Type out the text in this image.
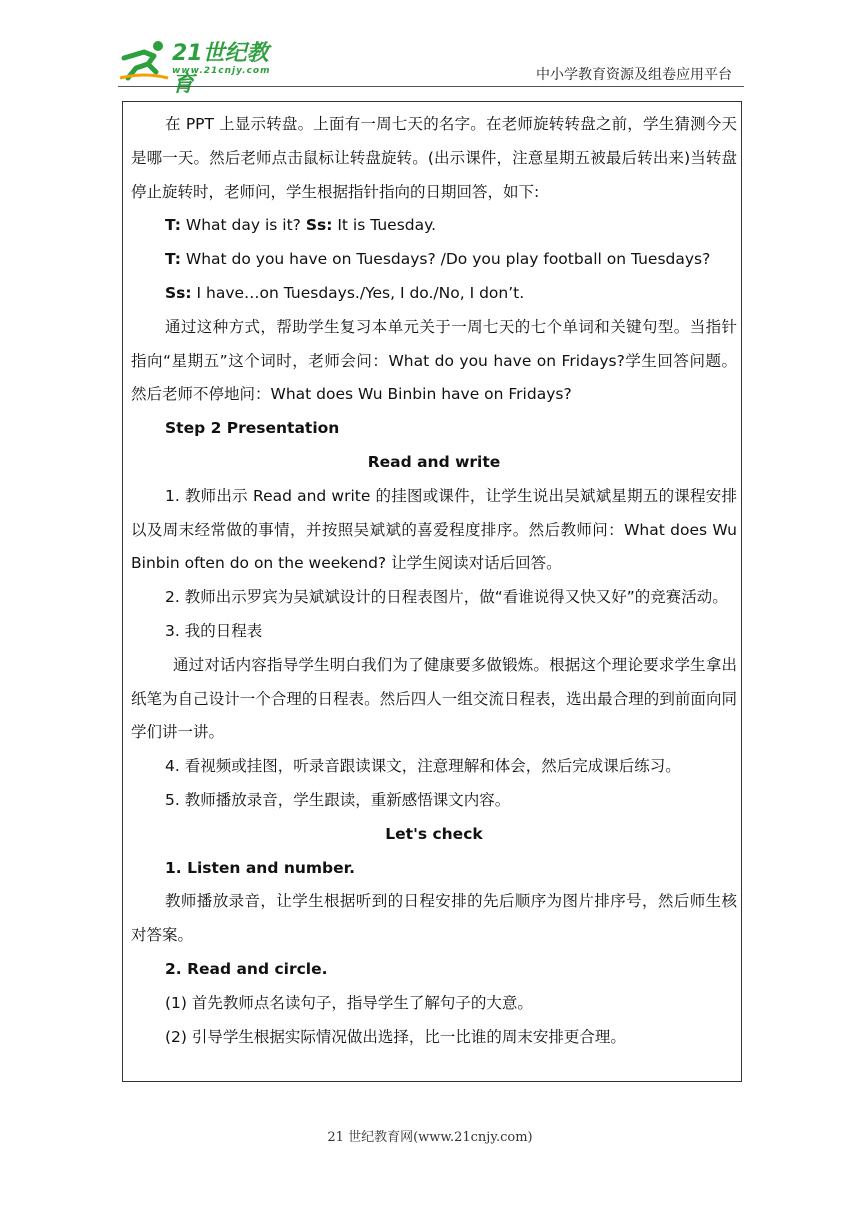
21世纪教育
www.21cnjy.com	中小学教育资源及组卷应用平台

在 PPT 上显示转盘。上面有一周七天的名字。在老师旋转转盘之前，学生猜测今天是哪一天。然后老师点击鼠标让转盘旋转。(出示课件，注意星期五被最后转出来)当转盘停止旋转时，老师问，学生根据指针指向的日期回答，如下:

T: What day is it? Ss: It is Tuesday.

T: What do you have on Tuesdays? /Do you play football on Tuesdays?

Ss: I have…on Tuesdays./Yes, I do./No, I don’t.

通过这种方式，帮助学生复习本单元关于一周七天的七个单词和关键句型。当指针指向“星期五”这个词时，老师会问：What do you have on Fridays?学生回答问题。然后老师不停地问：What does Wu Binbin have on Fridays?

Step 2 Presentation

Read and write

1. 教师出示 Read and write 的挂图或课件，让学生说出吴斌斌星期五的课程安排以及周末经常做的事情，并按照吴斌斌的喜爱程度排序。然后教师问：What does Wu Binbin often do on the weekend? 让学生阅读对话后回答。

2. 教师出示罗宾为吴斌斌设计的日程表图片，做“看谁说得又快又好”的竞赛活动。

3. 我的日程表

通过对话内容指导学生明白我们为了健康要多做锻炼。根据这个理论要求学生拿出纸笔为自己设计一个合理的日程表。然后四人一组交流日程表，选出最合理的到前面向同学们讲一讲。

4. 看视频或挂图，听录音跟读课文，注意理解和体会，然后完成课后练习。

5. 教师播放录音，学生跟读，重新感悟课文内容。

Let's check

1. Listen and number.

教师播放录音，让学生根据听到的日程安排的先后顺序为图片排序号，然后师生核对答案。

2. Read and circle.

(1) 首先教师点名读句子，指导学生了解句子的大意。

(2) 引导学生根据实际情况做出选择，比一比谁的周末安排更合理。

21 世纪教育网(www.21cnjy.com)
